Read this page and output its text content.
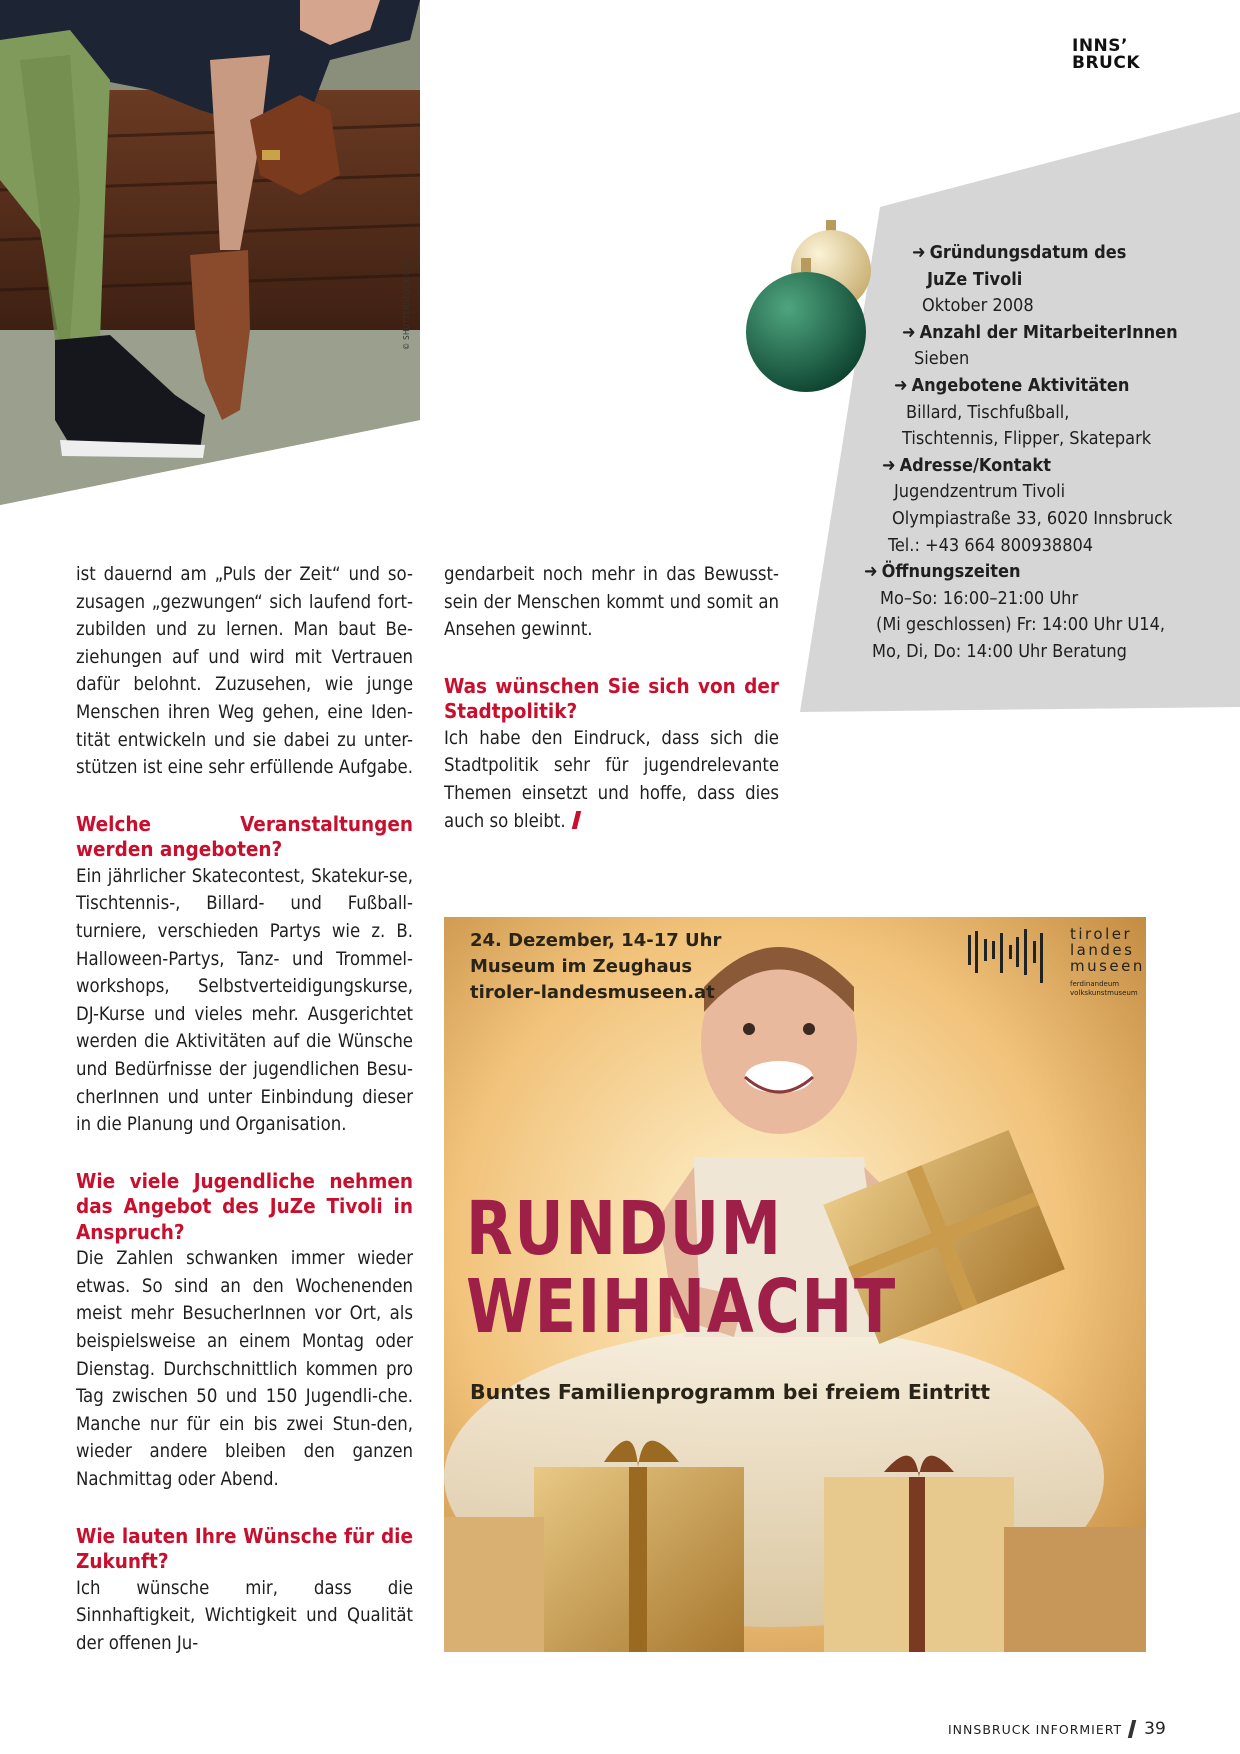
© SHUTTERSTOCK.COM
INNS’
BRUCK
➜ Gründungsdatum des
JuZe Tivoli
Oktober 2008
➜ Anzahl der MitarbeiterInnen
Sieben
➜ Angebotene Aktivitäten
Billard, Tischfußball,
Tischtennis, Flipper, Skatepark
➜ Adresse/Kontakt
Jugendzentrum Tivoli
Olympiastraße 33, 6020 Innsbruck
Tel.: +43 664 800938804
➜ Öffnungszeiten
Mo–So: 16:00–21:00 Uhr
(Mi geschlossen) Fr: 14:00 Uhr U14,
Mo, Di, Do: 14:00 Uhr Beratung

ist dauernd am „Puls der Zeit“ und so-zusagen „gezwungen“ sich laufend fort-zubilden und zu lernen. Man baut Be-ziehungen auf und wird mit Vertrauen dafür belohnt. Zuzusehen, wie junge Menschen ihren Weg gehen, eine Iden-tität entwickeln und sie dabei zu unter-stützen ist eine sehr erfüllende Aufgabe.

Welche Veranstaltungen werden angeboten?

Ein jährlicher Skatecontest, Skatekur-se, Tischtennis-, Billard- und Fußball-turniere, verschieden Partys wie z. B. Halloween-Partys, Tanz- und Trommel-workshops, Selbstverteidigungskurse, DJ-Kurse und vieles mehr. Ausgerichtet werden die Aktivitäten auf die Wünsche und Bedürfnisse der jugendlichen Besu-cherInnen und unter Einbindung dieser in die Planung und Organisation.

Wie viele Jugendliche nehmen das Angebot des JuZe Tivoli in Anspruch?

Die Zahlen schwanken immer wieder etwas. So sind an den Wochenenden meist mehr BesucherInnen vor Ort, als beispielsweise an einem Montag oder Dienstag. Durchschnittlich kommen pro Tag zwischen 50 und 150 Jugendli-che. Manche nur für ein bis zwei Stun-den, wieder andere bleiben den ganzen Nachmittag oder Abend.

Wie lauten Ihre Wünsche für die Zukunft?

Ich wünsche mir, dass die Sinnhaftigkeit, Wichtigkeit und Qualität der offenen Ju-

gendarbeit noch mehr in das Bewusst-sein der Menschen kommt und somit an Ansehen gewinnt.

Was wünschen Sie sich von der Stadtpolitik?

Ich habe den Eindruck, dass sich die Stadtpolitik sehr für jugendrelevante Themen einsetzt und hoffe, dass dies auch so bleibt.

24. Dezember, 14-17 Uhr
Museum im Zeughaus
tiroler-landesmuseen.at
tiroler
landes
museen
ferdinandeum
volkskunstmuseum
RUNDUM
WEIHNACHT
Buntes Familienprogramm bei freiem Eintritt
INNSBRUCK INFORMIERT 39
